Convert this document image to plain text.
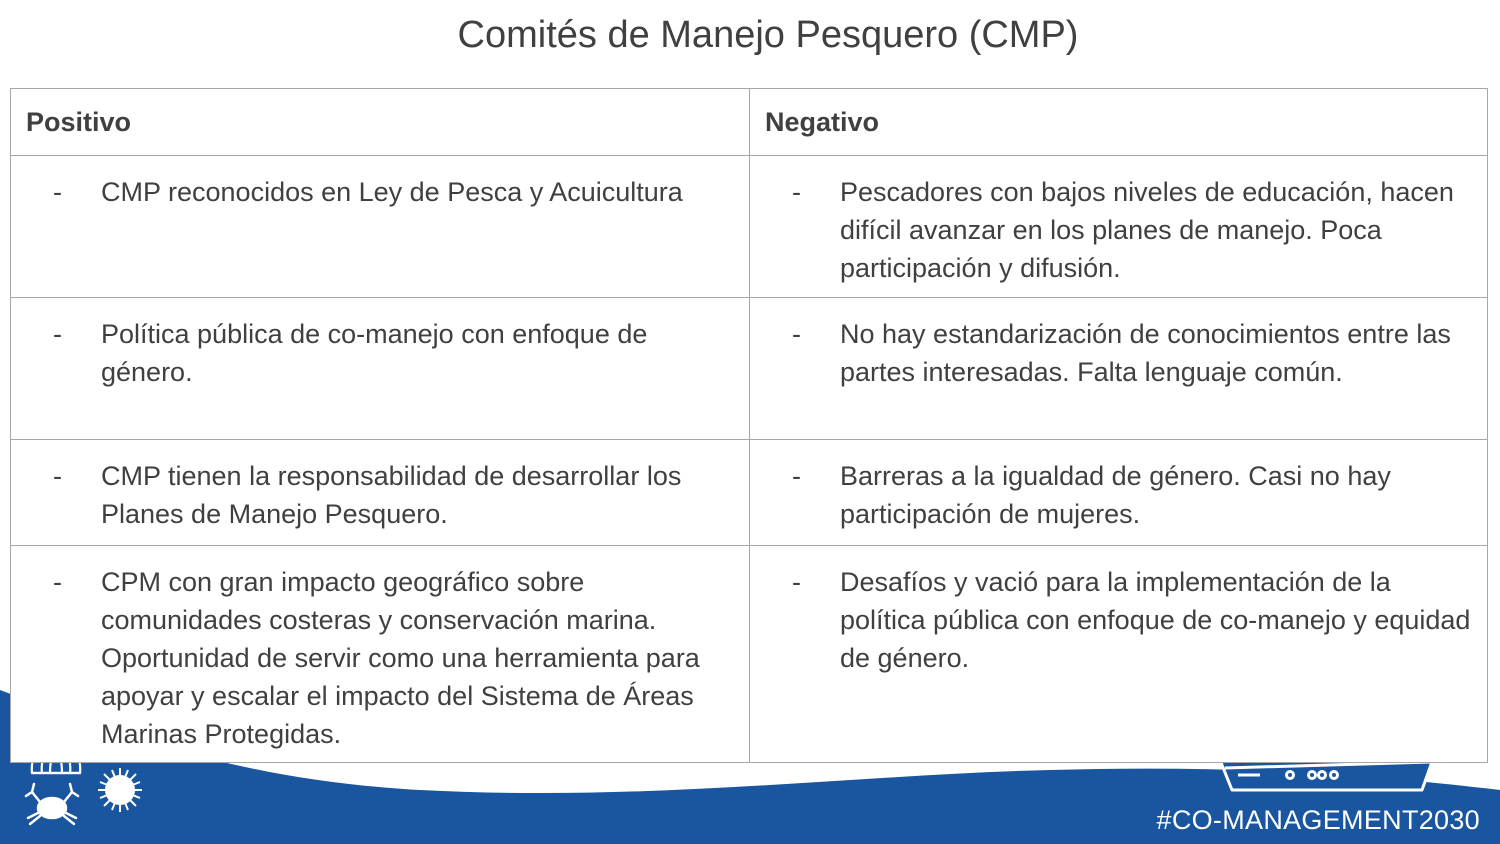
Comités de Manejo Pesquero (CMP)
Positivo	Negativo

- CMP reconocidos en Ley de Pesca y Acuicultura	- Pescadores con bajos niveles de educación, hacen difícil avanzar en los planes de manejo. Poca participación y difusión.

- Política pública de co-manejo con enfoque de género.	- No hay estandarización de conocimientos entre las partes interesadas. Falta lenguaje común.

- CMP tienen la responsabilidad de desarrollar los Planes de Manejo Pesquero.	- Barreras a la igualdad de género. Casi no hay participación de mujeres.

- CPM con gran impacto geográfico sobre comunidades costeras y conservación marina. Oportunidad de servir como una herramienta para apoyar y escalar el impacto del Sistema de Áreas Marinas Protegidas.	- Desafíos y vació para la implementación de la política pública con enfoque de co-manejo y equidad de género.
#CO-MANAGEMENT2030
